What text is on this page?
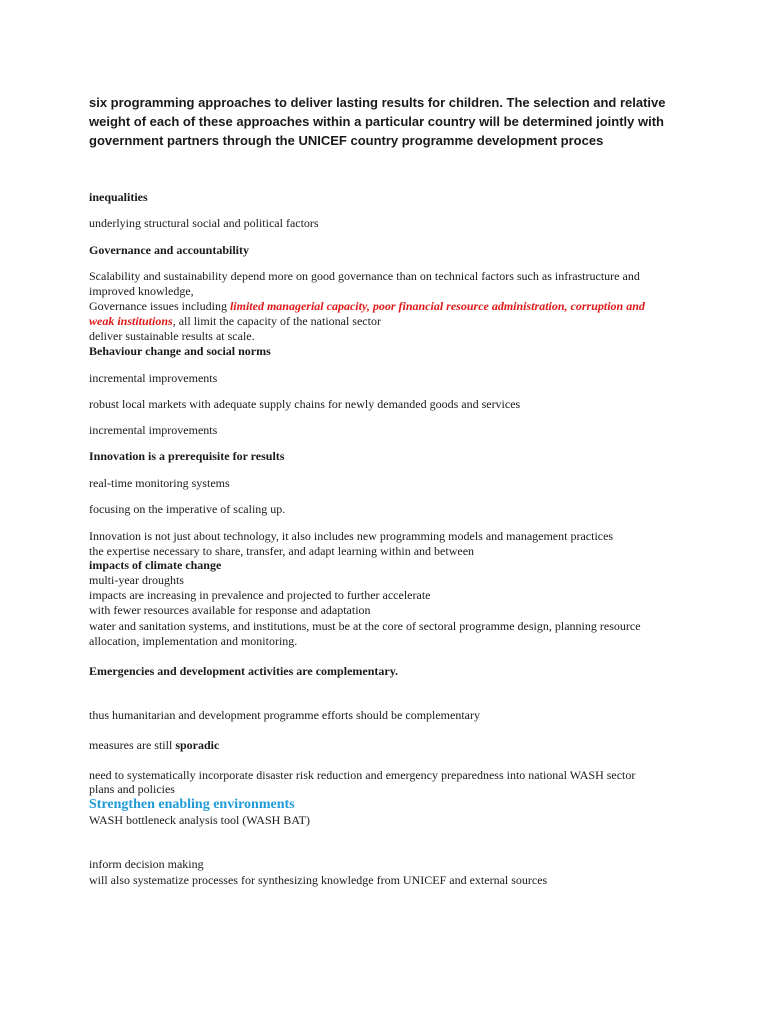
six programming approaches to deliver lasting results for children. The selection and relative weight of each of these approaches within a particular country will be determined jointly with government partners through the UNICEF country programme development proces
inequalities
underlying structural social and political factors
Governance and accountability
Scalability and sustainability depend more on good governance than on technical factors such as infrastructure and
improved knowledge,
Governance issues including limited managerial capacity, poor financial resource administration, corruption and
weak institutions, all limit the capacity of the national sector
deliver sustainable results at scale.
Behaviour change and social norms
incremental improvements
robust local markets with adequate supply chains for newly demanded goods and services
incremental improvements
Innovation is a prerequisite for results
real-time monitoring systems
focusing on the imperative of scaling up.
Innovation is not just about technology, it also includes new programming models and management practices
the expertise necessary to share, transfer, and adapt learning within and between
impacts of climate change
multi-year droughts
impacts are increasing in prevalence and projected to further accelerate
with fewer resources available for response and adaptation
water and sanitation systems, and institutions, must be at the core of sectoral programme design, planning resource
allocation, implementation and monitoring.
Emergencies and development activities are complementary.
thus humanitarian and development programme efforts should be complementary
measures are still sporadic
need to systematically incorporate disaster risk reduction and emergency preparedness into national WASH sector
plans and policies
Strengthen enabling environments
WASH bottleneck analysis tool (WASH BAT)
inform decision making
will also systematize processes for synthesizing knowledge from UNICEF and external sources
